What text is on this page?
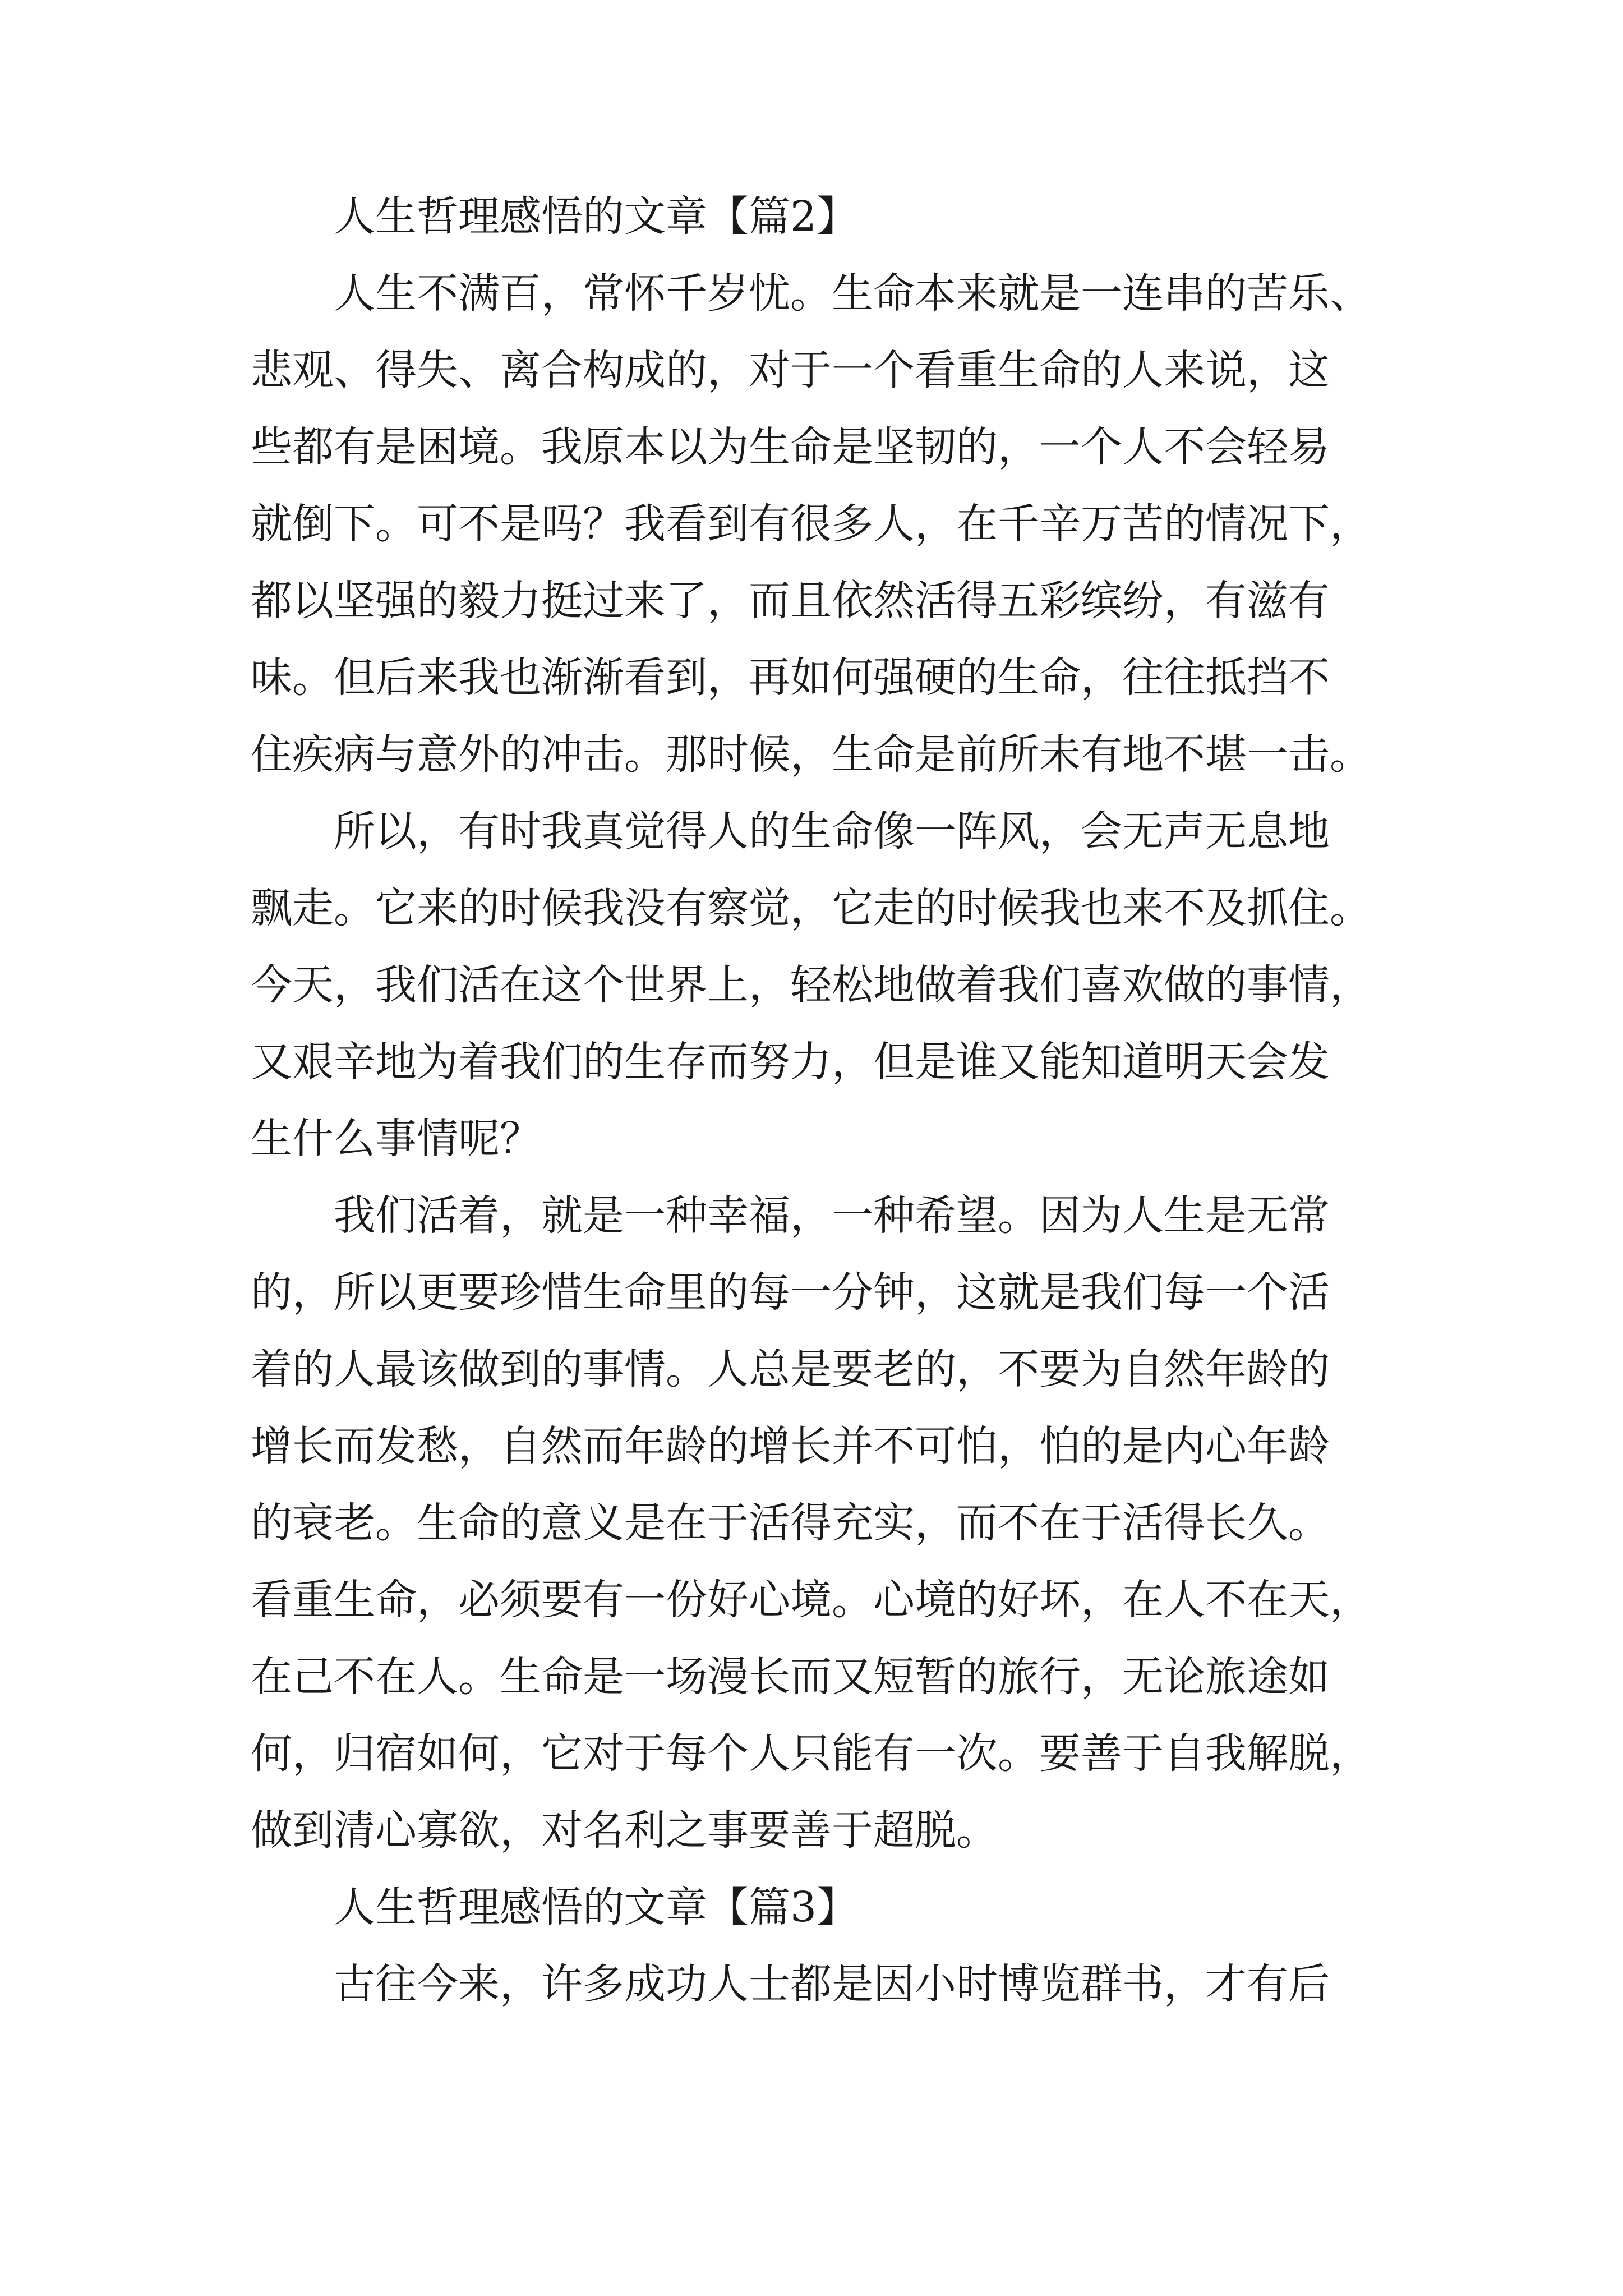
人生哲理感悟的文章【篇2】

人生不满百，常怀千岁忧。生命本来就是一连串的苦乐、
悲观、得失、离合构成的，对于一个看重生命的人来说，这
些都有是困境。我原本以为生命是坚韧的，一个人不会轻易
就倒下。可不是吗？我看到有很多人，在千辛万苦的情况下，
都以坚强的毅力挺过来了，而且依然活得五彩缤纷，有滋有
味。但后来我也渐渐看到，再如何强硬的生命，往往抵挡不
住疾病与意外的冲击。那时候，生命是前所未有地不堪一击。

所以，有时我真觉得人的生命像一阵风，会无声无息地
飘走。它来的时候我没有察觉，它走的时候我也来不及抓住。
今天，我们活在这个世界上，轻松地做着我们喜欢做的事情，
又艰辛地为着我们的生存而努力，但是谁又能知道明天会发
生什么事情呢？

我们活着，就是一种幸福，一种希望。因为人生是无常
的，所以更要珍惜生命里的每一分钟，这就是我们每一个活
着的人最该做到的事情。人总是要老的，不要为自然年龄的
增长而发愁，自然而年龄的增长并不可怕，怕的是内心年龄
的衰老。生命的意义是在于活得充实，而不在于活得长久。
看重生命，必须要有一份好心境。心境的好坏，在人不在天，
在己不在人。生命是一场漫长而又短暂的旅行，无论旅途如
何，归宿如何，它对于每个人只能有一次。要善于自我解脱，
做到清心寡欲，对名利之事要善于超脱。

人生哲理感悟的文章【篇3】

古往今来，许多成功人士都是因小时博览群书，才有后
